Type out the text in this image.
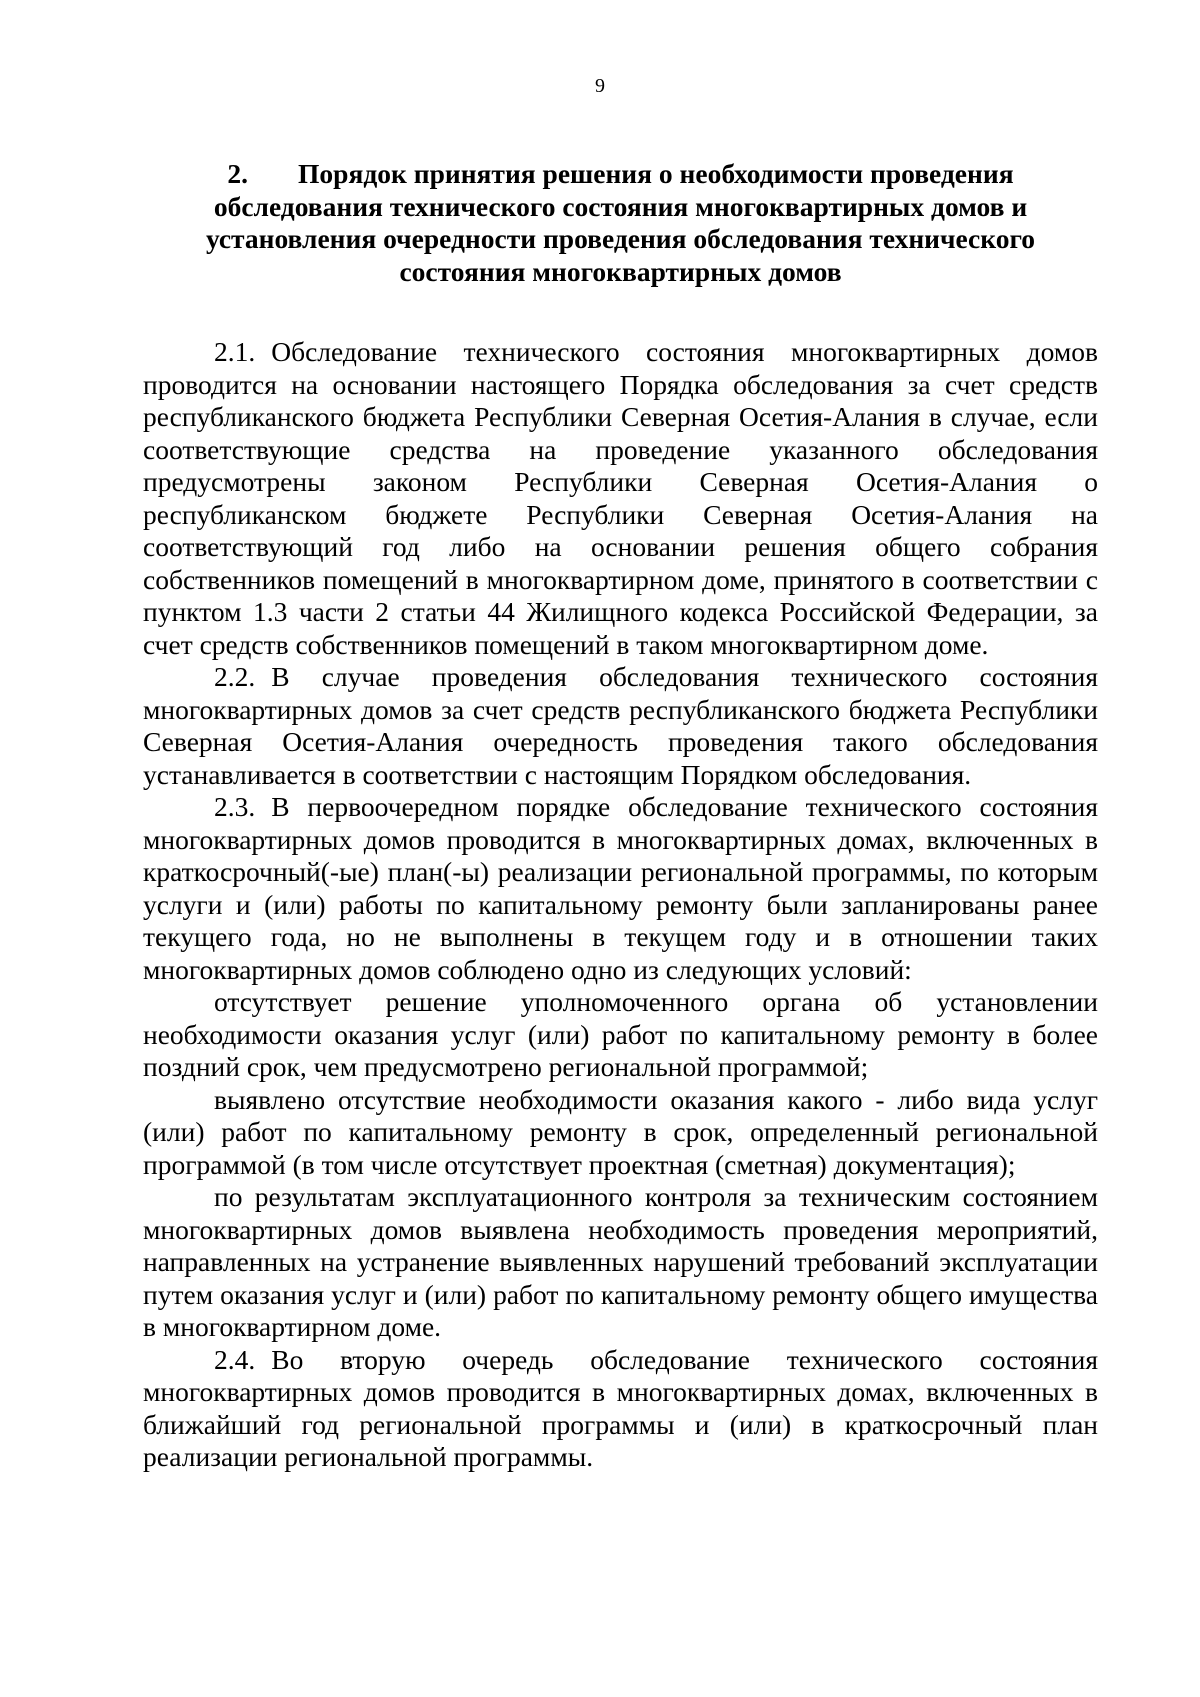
9
2. Порядок принятия решения о необходимости проведения обследования технического состояния многоквартирных домов и установления очередности проведения обследования технического состояния многоквартирных домов

2.1. Обследование технического состояния многоквартирных домов проводится на основании настоящего Порядка обследования за счет средств республиканского бюджета Республики Северная Осетия-Алания в случае, если соответствующие средства на проведение указанного обследования предусмотрены законом Республики Северная Осетия-Алания о республиканском бюджете Республики Северная Осетия-Алания на соответствующий год либо на основании решения общего собрания собственников помещений в многоквартирном доме, принятого в соответствии с пунктом 1.3 части 2 статьи 44 Жилищного кодекса Российской Федерации, за счет средств собственников помещений в таком многоквартирном доме.

2.2. В случае проведения обследования технического состояния многоквартирных домов за счет средств республиканского бюджета Республики Северная Осетия-Алания очередность проведения такого обследования устанавливается в соответствии с настоящим Порядком обследования.

2.3. В первоочередном порядке обследование технического состояния многоквартирных домов проводится в многоквартирных домах, включенных в краткосрочный(-ые) план(-ы) реализации региональной программы, по которым услуги и (или) работы по капитальному ремонту были запланированы ранее текущего года, но не выполнены в текущем году и в отношении таких многоквартирных домов соблюдено одно из следующих условий:

отсутствует решение уполномоченного органа об установлении необходимости оказания услуг (или) работ по капитальному ремонту в более поздний срок, чем предусмотрено региональной программой;

выявлено отсутствие необходимости оказания какого - либо вида услуг (или) работ по капитальному ремонту в срок, определенный региональной программой (в том числе отсутствует проектная (сметная) документация);

по результатам эксплуатационного контроля за техническим состоянием многоквартирных домов выявлена необходимость проведения мероприятий, направленных на устранение выявленных нарушений требований эксплуатации путем оказания услуг и (или) работ по капитальному ремонту общего имущества в многоквартирном доме.

2.4. Во вторую очередь обследование технического состояния многоквартирных домов проводится в многоквартирных домах, включенных в ближайший год региональной программы и (или) в краткосрочный план реализации региональной программы.
